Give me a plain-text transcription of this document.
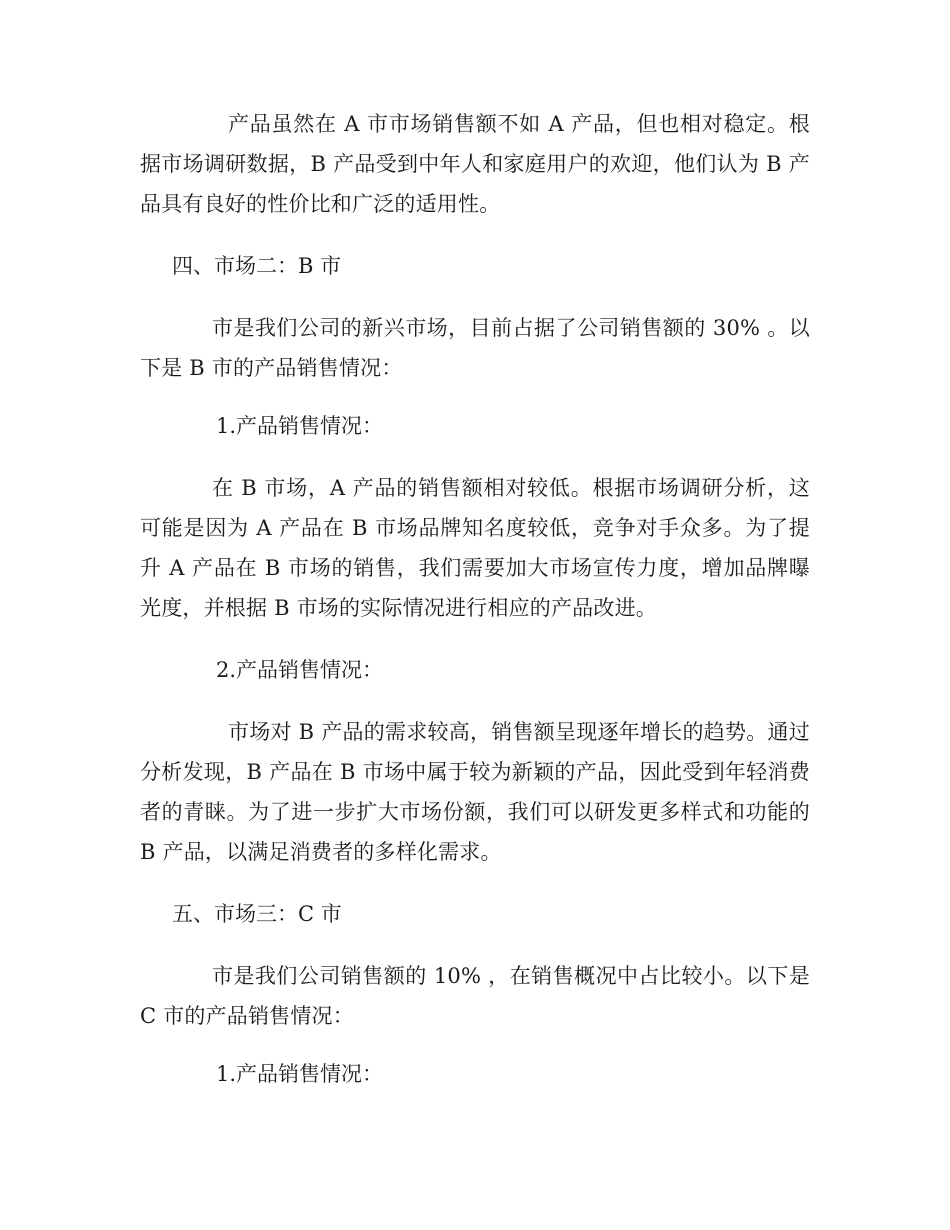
产品虽然在 A 市市场销售额不如 A 产品，但也相对稳定。根据市场调研数据，B 产品受到中年人和家庭用户的欢迎，他们认为 B 产品具有良好的性价比和广泛的适用性。

四、市场二：B 市

市是我们公司的新兴市场，目前占据了公司销售额的 30% 。以下是 B 市的产品销售情况：

1.产品销售情况：

在 B 市场，A 产品的销售额相对较低。根据市场调研分析，这可能是因为 A 产品在 B 市场品牌知名度较低，竞争对手众多。为了提升 A 产品在 B 市场的销售，我们需要加大市场宣传力度，增加品牌曝光度，并根据 B 市场的实际情况进行相应的产品改进。

2.产品销售情况：

市场对 B 产品的需求较高，销售额呈现逐年增长的趋势。通过分析发现，B 产品在 B 市场中属于较为新颖的产品，因此受到年轻消费者的青睐。为了进一步扩大市场份额，我们可以研发更多样式和功能的 B 产品，以满足消费者的多样化需求。

五、市场三：C 市

市是我们公司销售额的 10% ，在销售概况中占比较小。以下是 C 市的产品销售情况：

1.产品销售情况：
